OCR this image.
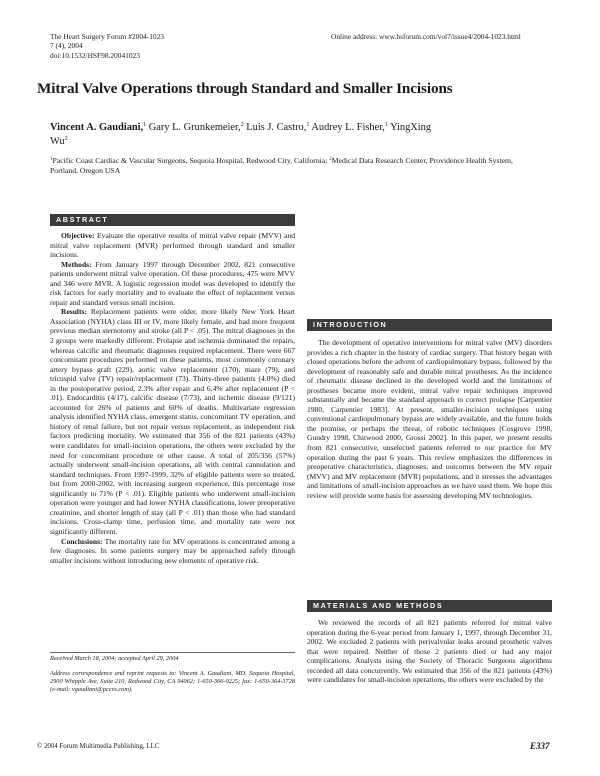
The Heart Surgery Forum #2004-1023
7 (4), 2004
doi:10.1532/HSF98.20041023
Online address: www.hsforum.com/vol7/issue4/2004-1023.html
Mitral Valve Operations through Standard and Smaller Incisions
Vincent A. Gaudiani,$^1$ Gary L. Grunkemeier,$^2$ Luis J. Castro,$^1$ Audrey L. Fisher,$^1$ YingXing Wu$^2$
$^1$Pacific Coast Cardiac & Vascular Surgeons, Sequoia Hospital, Redwood City, California; $^2$Medical Data Research Center, Providence Health System, Portland, Oregon USA
ABSTRACT

Objective: Evaluate the operative results of mitral valve repair (MVV) and mitral valve replacement (MVR) performed through standard and smaller incisions.

Methods: From January 1997 through December 2002, 821 consecutive patients underwent mitral valve operation. Of these procedures, 475 were MVV and 346 were MVR. A logistic regression model was developed to identify the risk factors for early mortality and to evaluate the effect of replacement versus repair and standard versus small incision.

Results: Replacement patients were older, more likely New York Heart Association (NYHA) class III or IV, more likely female, and had more frequent previous median sternotomy and stroke (all P < .05). The mitral diagnoses in the 2 groups were markedly different. Prolapse and ischemia dominated the repairs, whereas calcific and rheumatic diagnoses required replacement. There were 667 concomitant procedures performed on these patients, most commonly coronary artery bypass graft (229), aortic valve replacement (170), maze (79), and tricuspid valve (TV) repair/replacement (73). Thirty-three patients (4.0%) died in the postoperative period, 2.3% after repair and 6.4% after replacement (P < .01). Endocarditis (4/17), calcific disease (7/73), and ischemic disease (9/121) accounted for 26% of patients and 60% of deaths. Multivariate regression analysis identified NYHA class, emergent status, concomitant TV operation, and history of renal failure, but not repair versus replacement, as independent risk factors predicting mortality. We estimated that 356 of the 821 patients (43%) were candidates for small-incision operations, the others were excluded by the need for concomitant procedure or other cause. A total of 205/356 (57%) actually underwent small-incision operations, all with central cannulation and standard techniques. From 1997-1999, 32% of eligible patients were so treated, but from 2000-2002, with increasing surgeon experience, this percentage rose significantly to 71% (P < .01). Eligible patients who underwent small-incision operation were younger and had lower NYHA classifications, lower preoperative creatinine, and shorter length of stay (all P < .01) than those who had standard incisions. Cross-clamp time, perfusion time, and mortality rate were not significantly different.

Conclusions: The mortality rate for MV operations is concentrated among a few diagnoses. In some patients surgery may be approached safely through smaller incisions without introducing new elements of operative risk.

Received March 18, 2004; accepted April 29, 2004
Address correspondence and reprint requests to: Vincent A. Gaudiani, MD, Sequoia Hospital, 2900 Whipple Ave, Suite 210, Redwood City, CA 94062; 1-650-366-0225; fax: 1-650-364-3728 (e-mail: vgaudiani@pccvs.com).
INTRODUCTION

The development of operative interventions for mitral valve (MV) disorders provides a rich chapter in the history of cardiac surgery. That history began with closed operations before the advent of cardiopulmonary bypass, followed by the development of reasonably safe and durable mitral prostheses. As the incidence of rheumatic disease declined in the developed world and the limitations of prostheses became more evident, mitral valve repair techniques improved substantially and became the standard approach to correct prolapse [Carpentier 1980, Carpentier 1983]. At present, smaller-incision techniques using conventional cardiopulmonary bypass are widely available, and the future holds the promise, or perhaps the threat, of robotic techniques [Cosgrove 1998, Gundry 1998, Chitwood 2000, Grossi 2002]. In this paper, we present results from 821 consecutive, unselected patients referred to our practice for MV operation during the past 6 years. This review emphasizes the differences in preoperative characteristics, diagnoses, and outcomes between the MV repair (MVV) and MV replacement (MVR) populations, and it stresses the advantages and limitations of small-incision approaches as we have used them. We hope this review will provide some basis for assessing developing MV technologies.

MATERIALS AND METHODS

We reviewed the records of all 821 patients referred for mitral valve operation during the 6-year period from January 1, 1997, through December 31, 2002. We excluded 2 patients with perivalvular leaks around prosthetic valves that were repaired. Neither of those 2 patients died or had any major complications. Analysts using the Society of Thoracic Surgeons algorithms recorded all data concurrently. We estimated that 356 of the 821 patients (43%) were candidates for small-incision operations, the others were excluded by the

© 2004 Forum Multimedia Publishing, LLC	E337
